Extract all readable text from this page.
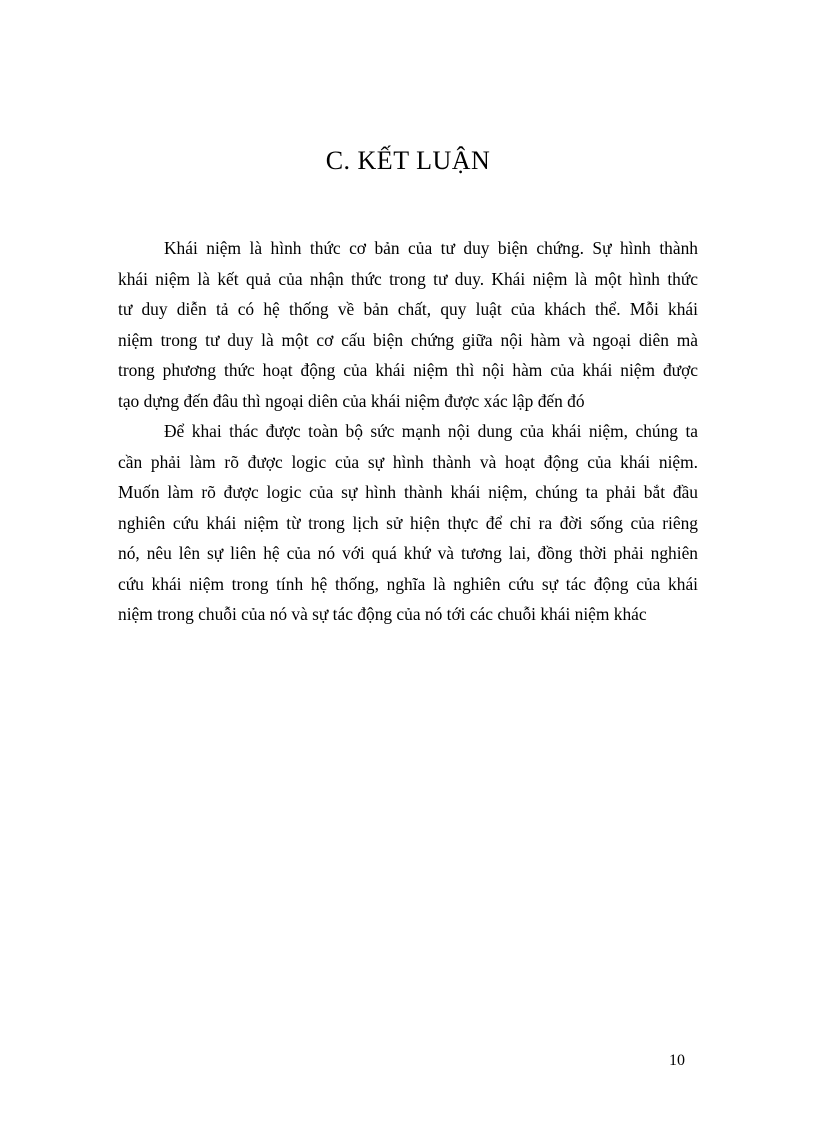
C. KẾT LUẬN

Khái niệm là hình thức cơ bản của tư duy biện chứng. Sự hình thành
khái niệm là kết quả của nhận thức trong tư duy. Khái niệm là một hình thức
tư duy diễn tả có hệ thống về bản chất, quy luật của khách thể. Mỗi khái
niệm trong tư duy là một cơ cấu biện chứng giữa nội hàm và ngoại diên mà
trong phương thức hoạt động của khái niệm thì nội hàm của khái niệm được
tạo dựng đến đâu thì ngoại diên của khái niệm được xác lập đến đó

Để khai thác được toàn bộ sức mạnh nội dung của khái niệm, chúng ta
cần phải làm rõ được logic của sự hình thành và hoạt động của khái niệm.
Muốn làm rõ được logic của sự hình thành khái niệm, chúng ta phải bắt đầu
nghiên cứu khái niệm từ trong lịch sử hiện thực để chỉ ra đời sống của riêng
nó, nêu lên sự liên hệ của nó với quá khứ và tương lai, đồng thời phải nghiên
cứu khái niệm trong tính hệ thống, nghĩa là nghiên cứu sự tác động của khái
niệm trong chuỗi của nó và sự tác động của nó tới các chuỗi khái niệm khác

10
